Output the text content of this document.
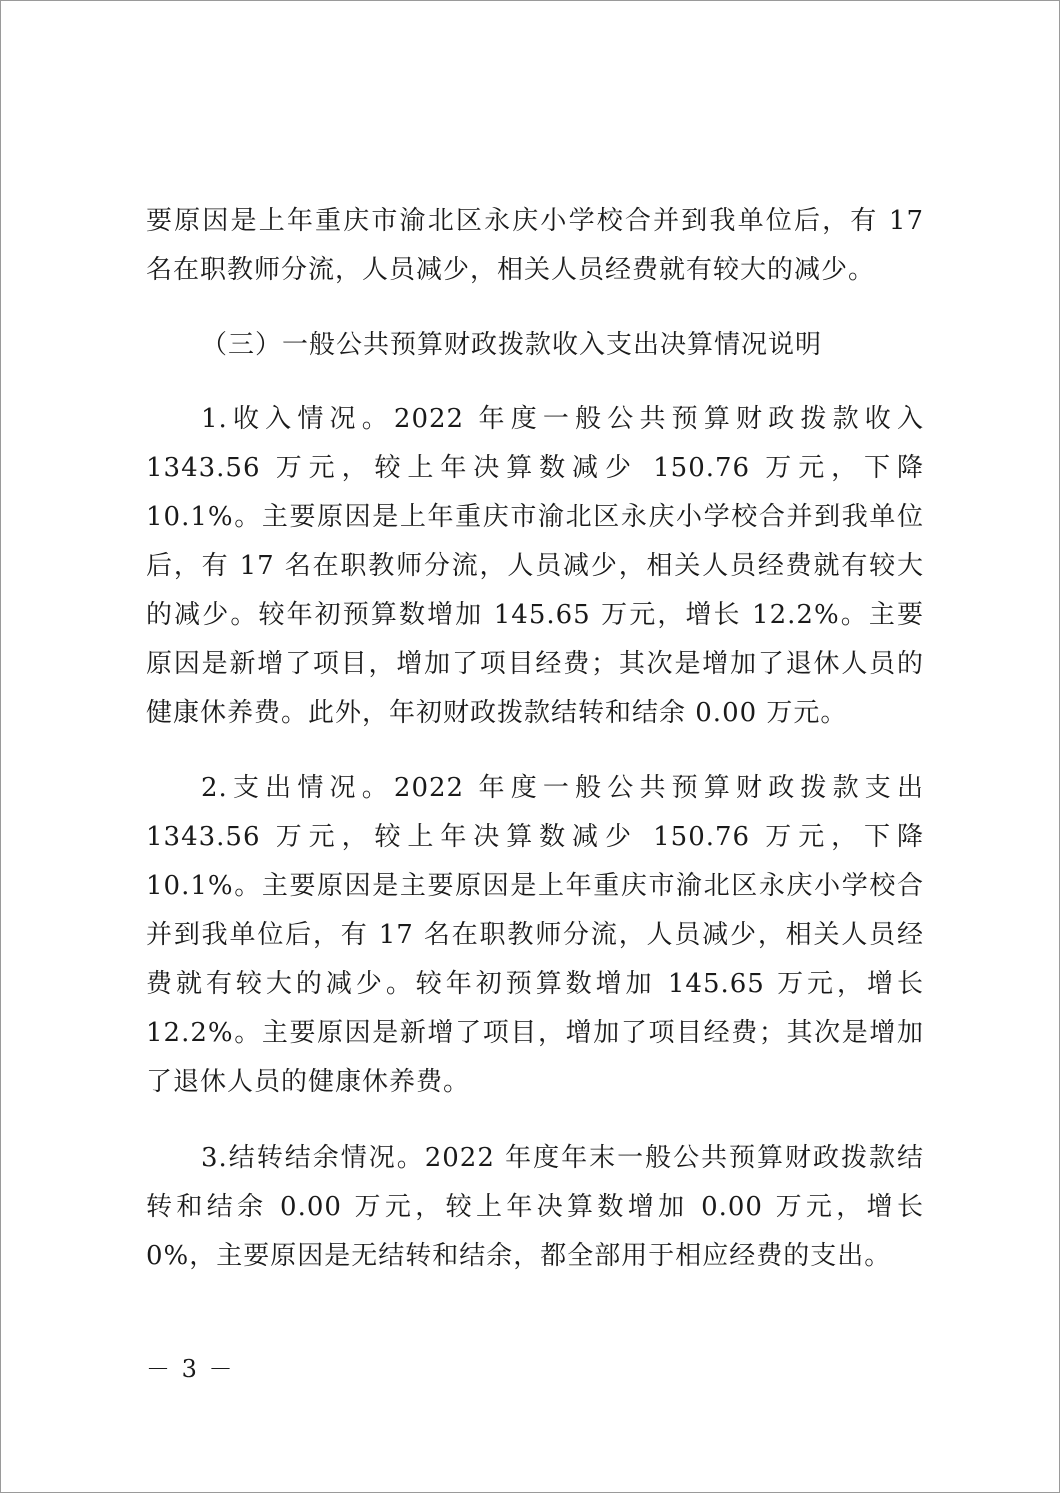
要原因是上年重庆市渝北区永庆小学校合并到我单位后，有 17 名在职教师分流，人员减少，相关人员经费就有较大的减少。

（三）一般公共预算财政拨款收入支出决算情况说明

1.收入情况。2022 年度一般公共预算财政拨款收入 1343.56 万元，较上年决算数减少 150.76 万元，下降 10.1%。主要原因是上年重庆市渝北区永庆小学校合并到我单位后，有 17 名在职教师分流，人员减少，相关人员经费就有较大的减少。较年初预算数增加 145.65 万元，增长 12.2%。主要原因是新增了项目，增加了项目经费；其次是增加了退休人员的健康休养费。此外，年初财政拨款结转和结余 0.00 万元。

2.支出情况。2022 年度一般公共预算财政拨款支出 1343.56 万元，较上年决算数减少 150.76 万元，下降 10.1%。主要原因是主要原因是上年重庆市渝北区永庆小学校合并到我单位后，有 17 名在职教师分流，人员减少，相关人员经费就有较大的减少。较年初预算数增加 145.65 万元，增长 12.2%。主要原因是新增了项目，增加了项目经费；其次是增加了退休人员的健康休养费。

3.结转结余情况。2022 年度年末一般公共预算财政拨款结转和结余 0.00 万元，较上年决算数增加 0.00 万元，增长 0%，主要原因是无结转和结余，都全部用于相应经费的支出。

－ 3 －
